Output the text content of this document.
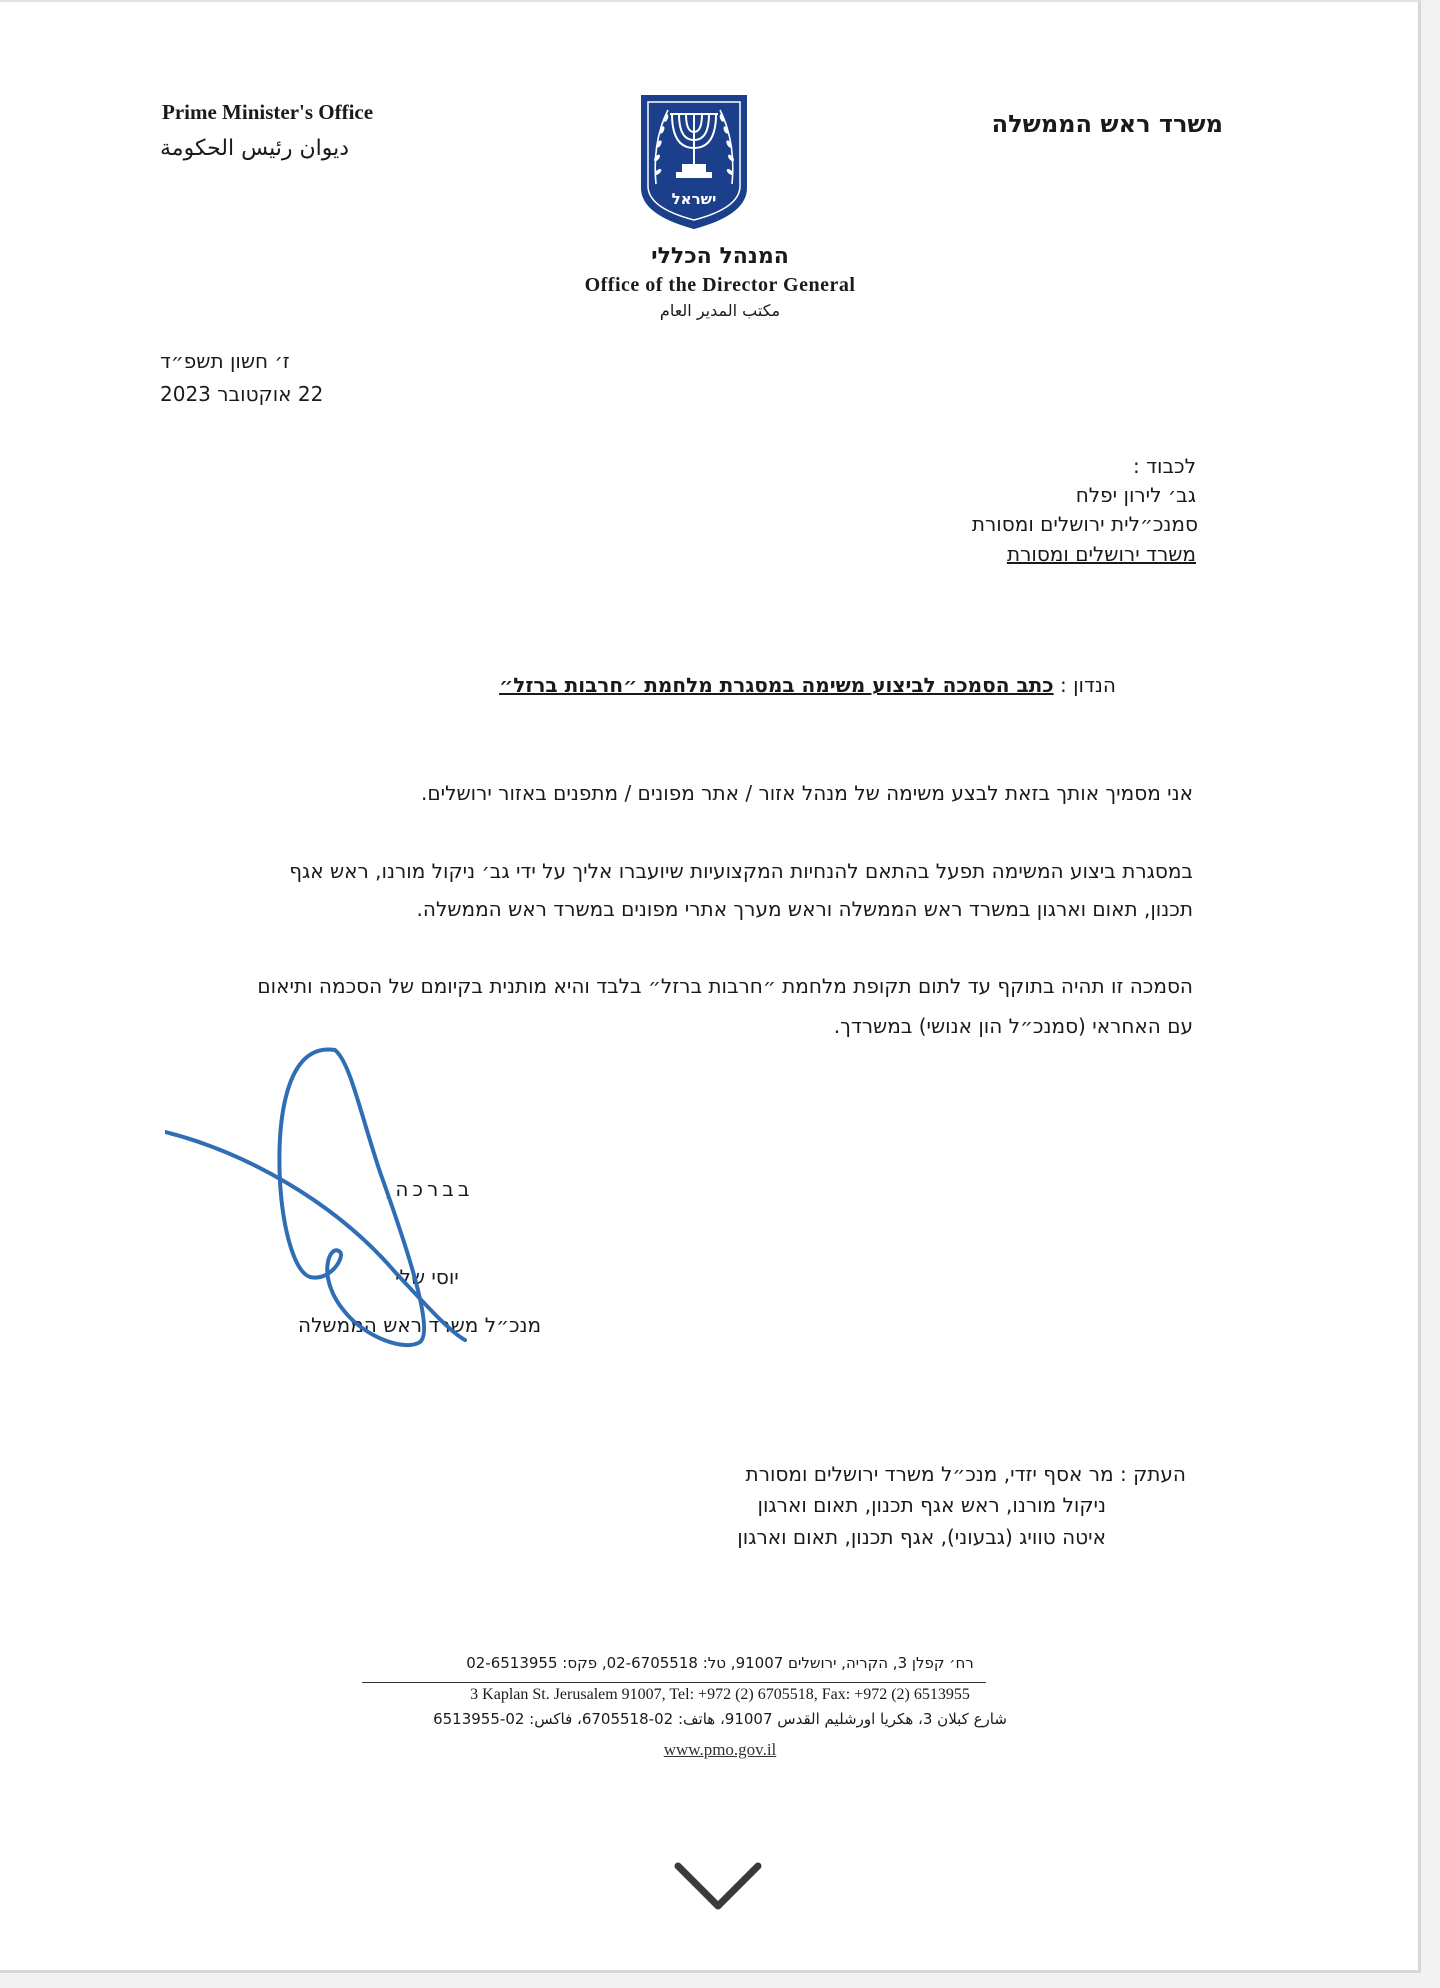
Prime Minister's Office
ديوان رئيس الحكومة
משרד ראש הממשלה
ישראל
המנהל הכללי
Office of the Director General
مكتب المدير العام
ז׳ חשון תשפ״ד
22 אוקטובר 2023
לכבוד :
גב׳ לירון יפלח
סמנכ״לית ירושלים ומסורת
משרד ירושלים ומסורת
הנדון : כתב הסמכה לביצוע משימה במסגרת מלחמת ״חרבות ברזל״
אני מסמיך אותך בזאת לבצע משימה של מנהל אזור / אתר מפונים / מתפנים באזור ירושלים.
במסגרת ביצוע המשימה תפעל בהתאם להנחיות המקצועיות שיועברו אליך על ידי גב׳ ניקול מורנו, ראש אגף
תכנון, תאום וארגון במשרד ראש הממשלה וראש מערך אתרי מפונים במשרד ראש הממשלה.
הסמכה זו תהיה בתוקף עד לתום תקופת מלחמת ״חרבות ברזל״ בלבד והיא מותנית בקיומם של הסכמה ותיאום
עם האחראי (סמנכ״ל הון אנושי) במשרדך.
בברכה,
יוסי שלי
מנכ״ל משרד ראש הממשלה
העתק : מר אסף יזדי, מנכ״ל משרד ירושלים ומסורת
ניקול מורנו, ראש אגף תכנון, תאום וארגון
איטה טוויג (גבעוני), אגף תכנון, תאום וארגון
רח׳ קפלן 3, הקריה, ירושלים 91007, טל: 02-6705518, פקס: 02-6513955
3 Kaplan St. Jerusalem 91007, Tel: +972 (2) 6705518, Fax: +972 (2) 6513955
شارع كبلان 3، هكريا اورشليم القدس 91007، هاتف: 02-6705518، فاكس: 02-6513955
www.pmo.gov.il
